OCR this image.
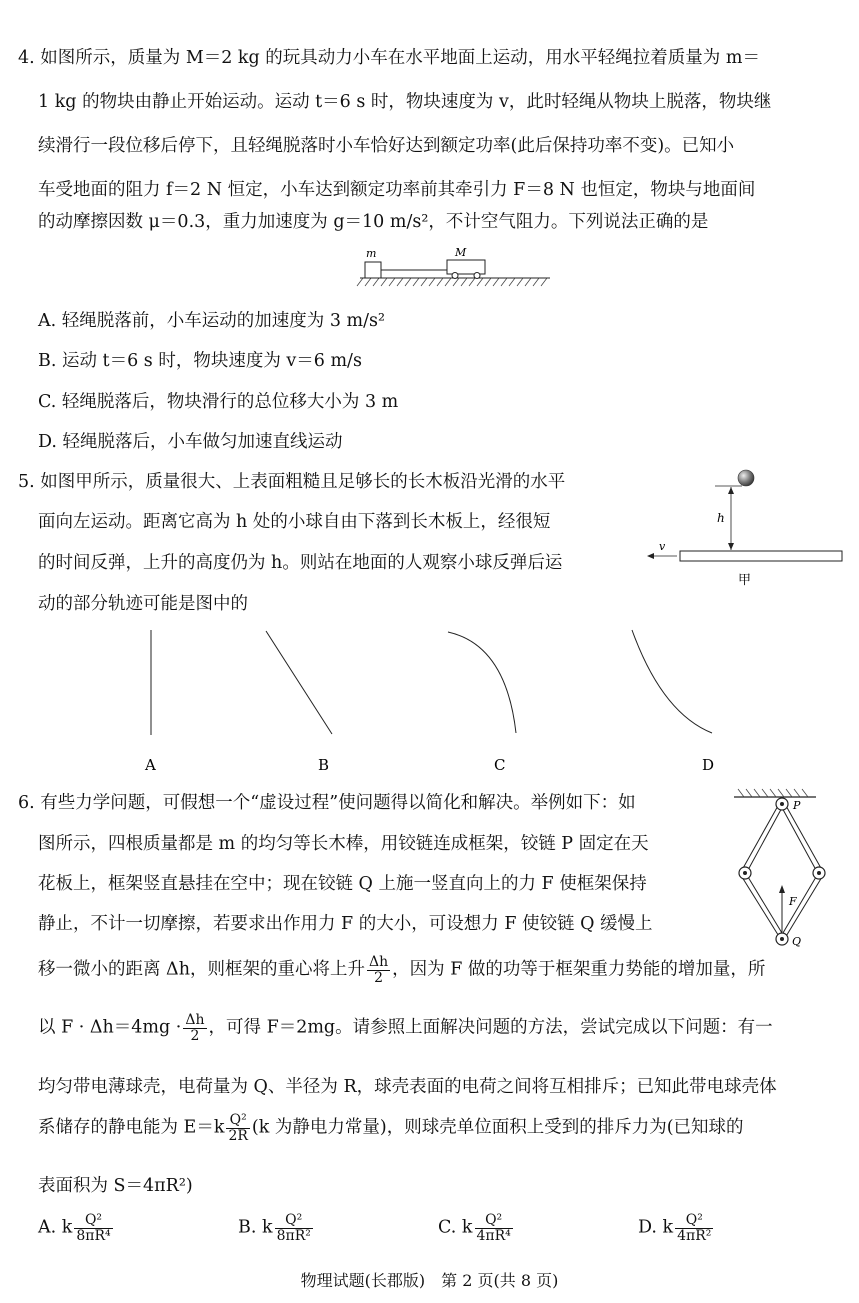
4. 如图所示，质量为 M＝2 kg 的玩具动力小车在水平地面上运动，用水平轻绳拉着质量为 m＝
1 kg 的物块由静止开始运动。运动 t＝6 s 时，物块速度为 v，此时轻绳从物块上脱落，物块继
续滑行一段位移后停下，且轻绳脱落时小车恰好达到额定功率(此后保持功率不变)。已知小
车受地面的阻力 f＝2 N 恒定，小车达到额定功率前其牵引力 F＝8 N 也恒定，物块与地面间
的动摩擦因数 μ＝0.3，重力加速度为 g＝10 m/s²，不计空气阻力。下列说法正确的是
m	M
A. 轻绳脱落前，小车运动的加速度为 3 m/s²
B. 运动 t＝6 s 时，物块速度为 v＝6 m/s
C. 轻绳脱落后，物块滑行的总位移大小为 3 m
D. 轻绳脱落后，小车做匀加速直线运动
5. 如图甲所示，质量很大、上表面粗糙且足够长的长木板沿光滑的水平
面向左运动。距离它高为 h 处的小球自由下落到长木板上，经很短
的时间反弹，上升的高度仍为 h。则站在地面的人观察小球反弹后运
动的部分轨迹可能是图中的
h
v
甲
A	B	C	D
6. 有些力学问题，可假想一个“虚设过程”使问题得以简化和解决。举例如下：如
图所示，四根质量都是 m 的均匀等长木棒，用铰链连成框架，铰链 P 固定在天
花板上，框架竖直悬挂在空中；现在铰链 Q 上施一竖直向上的力 F 使框架保持
静止，不计一切摩擦，若要求出作用力 F 的大小，可设想力 F 使铰链 Q 缓慢上
P
Q
F
移一微小的距离 Δh，则框架的重心将上升 $\frac{\Delta h}{2}$ ，因为 F 做的功等于框架重力势能的增加量，所
以 $F \cdot \Delta h=4mg \cdot \frac{\Delta h}{2}$ ，可得 F＝2mg。请参照上面解决问题的方法，尝试完成以下问题：有一
均匀带电薄球壳，电荷量为 Q、半径为 R，球壳表面的电荷之间将互相排斥；已知此带电球壳体
系储存的静电能为 $E=k \frac{\text{Q²}}{2R} (k$ 为静电力常量)，则球壳单位面积上受到的排斥力为(已知球的
表面积为 S＝4πR²)
A. k $\frac{\text{Q²}}{\text{8πR⁴}}$	B. k $\frac{\text{Q²}}{\text{8πR²}}$	C. k $\frac{\text{Q²}}{\text{4πR⁴}}$	D. k $\frac{\text{Q²}}{\text{4πR²}}$
物理试题(长郡版)　第 2 页(共 8 页)
